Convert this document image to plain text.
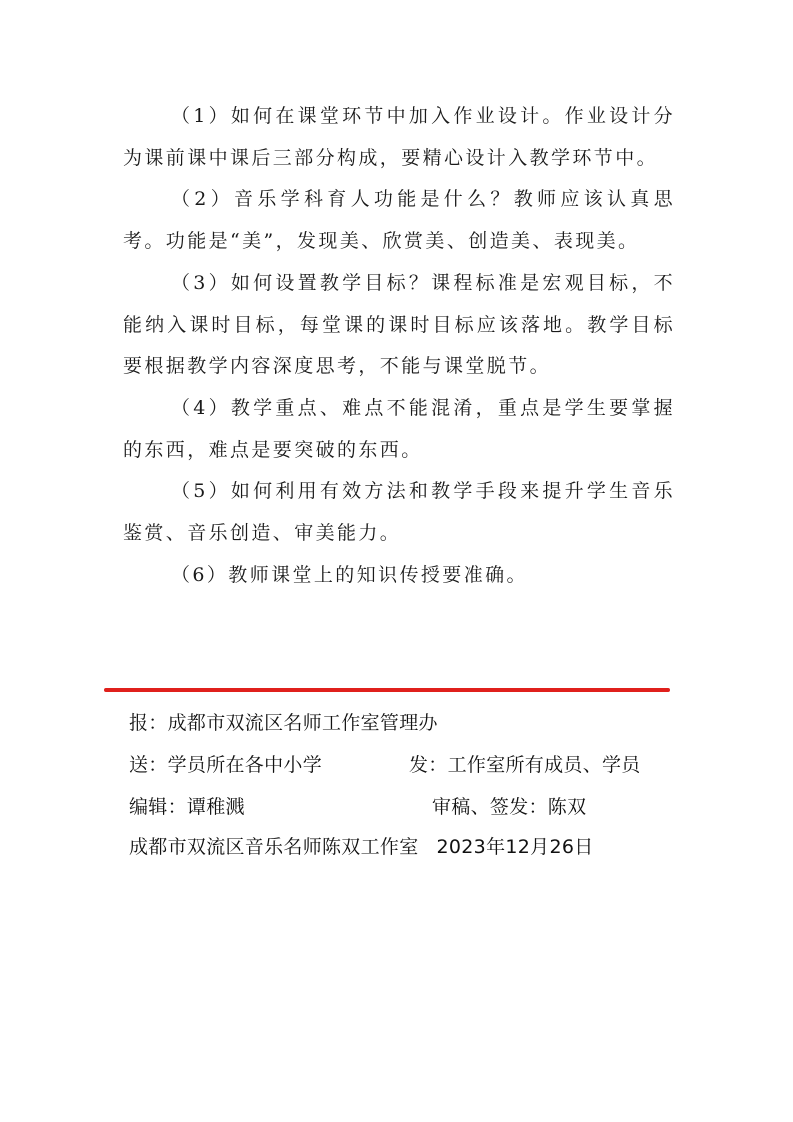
（1）如何在课堂环节中加入作业设计。作业设计分为课前课中课后三部分构成，要精心设计入教学环节中。

（2）音乐学科育人功能是什么？教师应该认真思考。功能是“美”，发现美、欣赏美、创造美、表现美。

（3）如何设置教学目标？课程标准是宏观目标，不能纳入课时目标，每堂课的课时目标应该落地。教学目标要根据教学内容深度思考，不能与课堂脱节。

（4）教学重点、难点不能混淆，重点是学生要掌握的东西，难点是要突破的东西。

（5）如何利用有效方法和教学手段来提升学生音乐鉴赏、音乐创造、审美能力。

（6）教师课堂上的知识传授要准确。

报：成都市双流区名师工作室管理办
送：学员所在各中小学	发：工作室所有成员、学员
编辑：谭稚溅	审稿、签发：陈双
成都市双流区音乐名师陈双工作室 2023年12月26日
